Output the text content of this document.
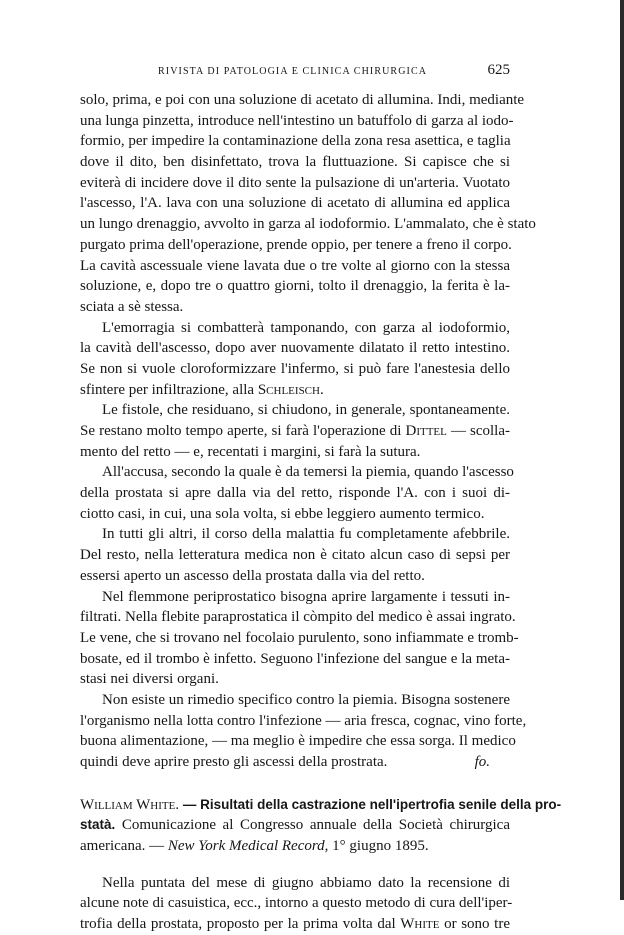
RIVISTA DI PATOLOGIA E CLINICA CHIRURGICA	625
solo, prima, e poi con una soluzione di acetato di allumina. Indi, mediante
una lunga pinzetta, introduce nell'intestino un batuffolo di garza al iodo-
formio, per impedire la contaminazione della zona resa asettica, e taglia
dove il dito, ben disinfettato, trova la fluttuazione. Si capisce che si
eviterà di incidere dove il dito sente la pulsazione di un'arteria. Vuotato
l'ascesso, l'A. lava con una soluzione di acetato di allumina ed applica
un lungo drenaggio, avvolto in garza al iodoformio. L'ammalato, che è stato
purgato prima dell'operazione, prende oppio, per tenere a freno il corpo.
La cavità ascessuale viene lavata due o tre volte al giorno con la stessa
soluzione, e, dopo tre o quattro giorni, tolto il drenaggio, la ferita è la-
sciata a sè stessa.
L'emorragia si combatterà tamponando, con garza al iodoformio,
la cavità dell'ascesso, dopo aver nuovamente dilatato il retto intestino.
Se non si vuole cloroformizzare l'infermo, si può fare l'anestesia dello
sfintere per infiltrazione, alla Schleisch.
Le fistole, che residuano, si chiudono, in generale, spontaneamente.
Se restano molto tempo aperte, si farà l'operazione di Dittel — scolla-
mento del retto — e, recentati i margini, si farà la sutura.
All'accusa, secondo la quale è da temersi la piemia, quando l'ascesso
della prostata si apre dalla via del retto, risponde l'A. con i suoi di-
ciotto casi, in cui, una sola volta, si ebbe leggiero aumento termico.
In tutti gli altri, il corso della malattia fu completamente afebbrile.
Del resto, nella letteratura medica non è citato alcun caso di sepsi per
essersi aperto un ascesso della prostata dalla via del retto.
Nel flemmone periprostatico bisogna aprire largamente i tessuti in-
filtrati. Nella flebite paraprostatica il còmpito del medico è assai ingrato.
Le vene, che si trovano nel focolaio purulento, sono infiammate e tromb-
bosate, ed il trombo è infetto. Seguono l'infezione del sangue e la meta-
stasi nei diversi organi.
Non esiste un rimedio specifico contro la piemia. Bisogna sostenere
l'organismo nella lotta contro l'infezione — aria fresca, cognac, vino forte,
buona alimentazione, — ma meglio è impedire che essa sorga. Il medico
quindi deve aprire presto gli ascessi della prostrata.	fo.
William White. — Risultati della castrazione nell'ipertrofia senile della pro-
statà. Comunicazione al Congresso annuale della Società chirurgica
americana. — New York Medical Record, 1° giugno 1895.
Nella puntata del mese di giugno abbiamo dato la recensione di
alcune note di casuistica, ecc., intorno a questo metodo di cura dell'iper-
trofia della prostata, proposto per la prima volta dal White or sono tre
